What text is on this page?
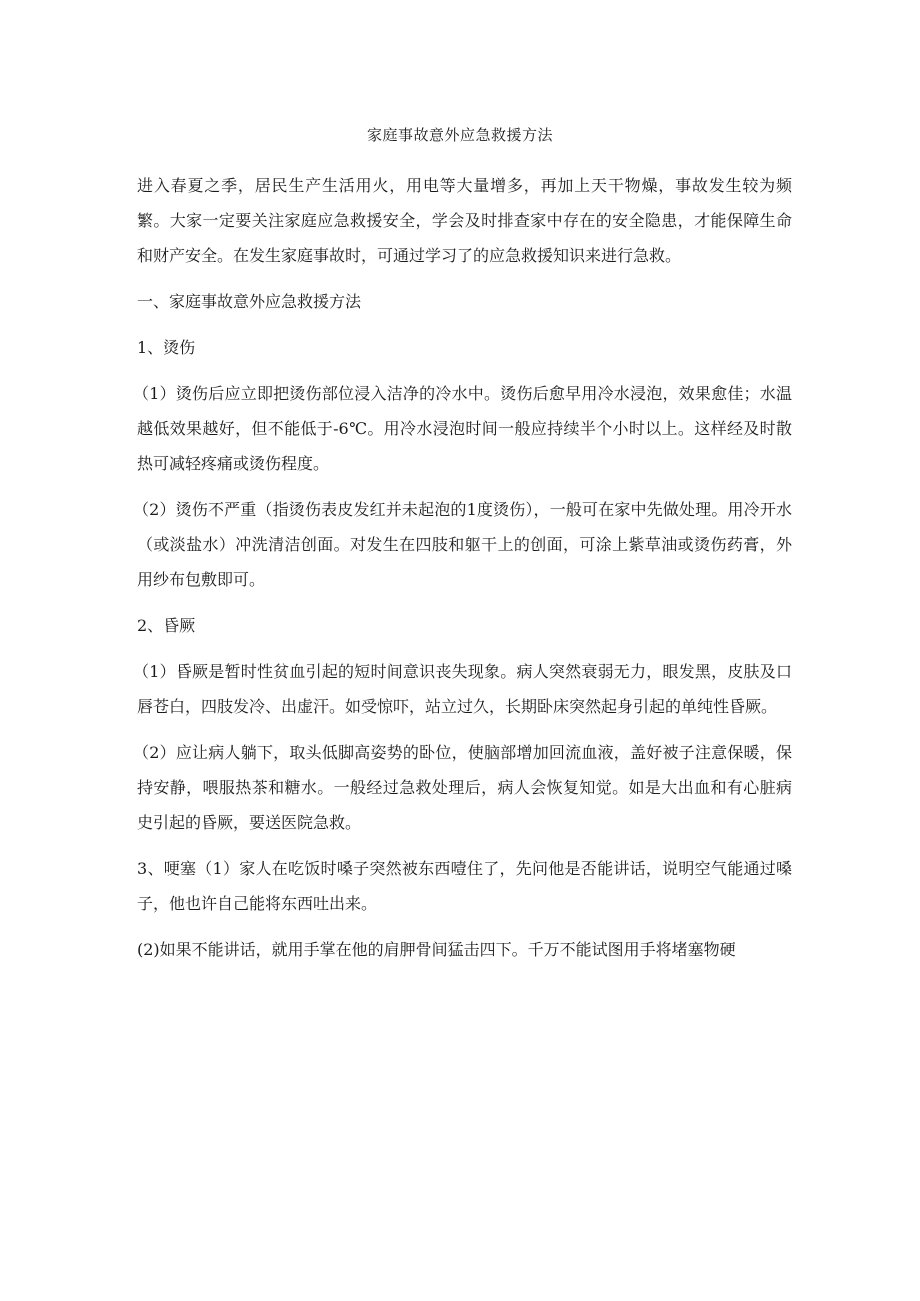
家庭事故意外应急救援方法

进入春夏之季，居民生产生活用火，用电等大量增多，再加上天干物燥，事故发生较为频繁。大家一定要关注家庭应急救援安全，学会及时排查家中存在的安全隐患，才能保障生命和财产安全。在发生家庭事故时，可通过学习了的应急救援知识来进行急救。

一、家庭事故意外应急救援方法

1、烫伤

（1）烫伤后应立即把烫伤部位浸入洁净的冷水中。烫伤后愈早用冷水浸泡，效果愈佳；水温越低效果越好，但不能低于-6℃。用冷水浸泡时间一般应持续半个小时以上。这样经及时散热可减轻疼痛或烫伤程度。

（2）烫伤不严重（指烫伤表皮发红并未起泡的1度烫伤），一般可在家中先做处理。用冷开水（或淡盐水）冲洗清洁创面。对发生在四肢和躯干上的创面，可涂上紫草油或烫伤药膏，外用纱布包敷即可。

2、昏厥

（1）昏厥是暂时性贫血引起的短时间意识丧失现象。病人突然衰弱无力，眼发黑，皮肤及口唇苍白，四肢发冷、出虚汗。如受惊吓，站立过久，长期卧床突然起身引起的单纯性昏厥。

（2）应让病人躺下，取头低脚高姿势的卧位，使脑部增加回流血液，盖好被子注意保暖，保持安静，喂服热茶和糖水。一般经过急救处理后，病人会恢复知觉。如是大出血和有心脏病史引起的昏厥，要送医院急救。

3、哽塞（1）家人在吃饭时嗓子突然被东西噎住了，先问他是否能讲话，说明空气能通过嗓子，他也许自己能将东西吐出来。

(2)如果不能讲话，就用手掌在他的肩胛骨间猛击四下。千万不能试图用手将堵塞物硬
